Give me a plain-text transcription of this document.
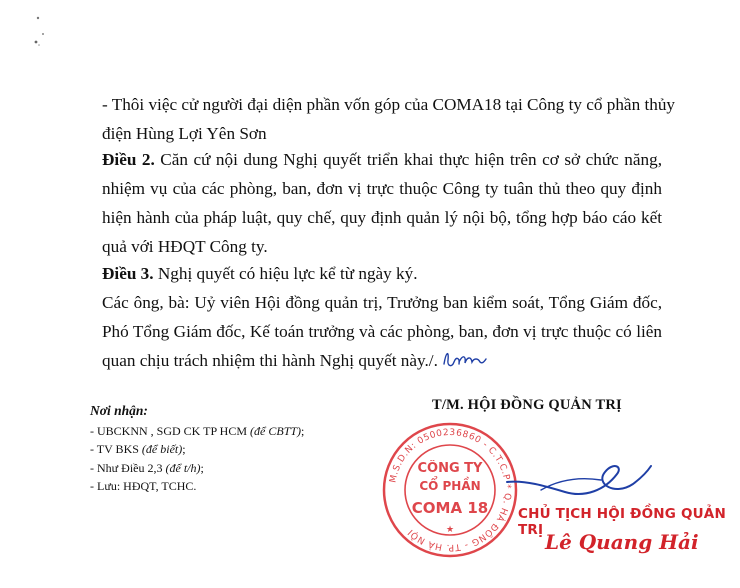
- Thôi việc cử người đại diện phần vốn góp của COMA18 tại Công ty cổ phần thủy
điện Hùng Lợi Yên Sơn
Điều 2. Căn cứ nội dung Nghị quyết triển khai thực hiện trên cơ sở chức năng,
nhiệm vụ của các phòng, ban, đơn vị trực thuộc Công ty tuân thủ theo quy định
hiện hành của pháp luật, quy chế, quy định quản lý nội bộ, tổng hợp báo cáo kết
quả với HĐQT Công ty.
Điều 3. Nghị quyết có hiệu lực kể từ ngày ký.
Các ông, bà: Uỷ viên Hội đồng quản trị, Trưởng ban kiểm soát, Tổng Giám đốc,
Phó Tổng Giám đốc, Kế toán trưởng và các phòng, ban, đơn vị trực thuộc có liên
quan chịu trách nhiệm thi hành Nghị quyết này./.
Nơi nhận:
- UBCKNN , SGD CK TP HCM (để CBTT);
- TV BKS (để biết);
- Như Điều 2,3 (để t/h);
- Lưu: HĐQT, TCHC.
T/M. HỘI ĐỒNG QUẢN TRỊ
M.S.D.N: 0500236860 - C.T.C.P * Q. HÀ ĐÔNG - TP. HÀ NỘI
CÔNG TY
CỔ PHẦN
COMA 18
★
CHỦ TỊCH HỘI ĐỒNG QUẢN TRỊ Lê Quang Hải
